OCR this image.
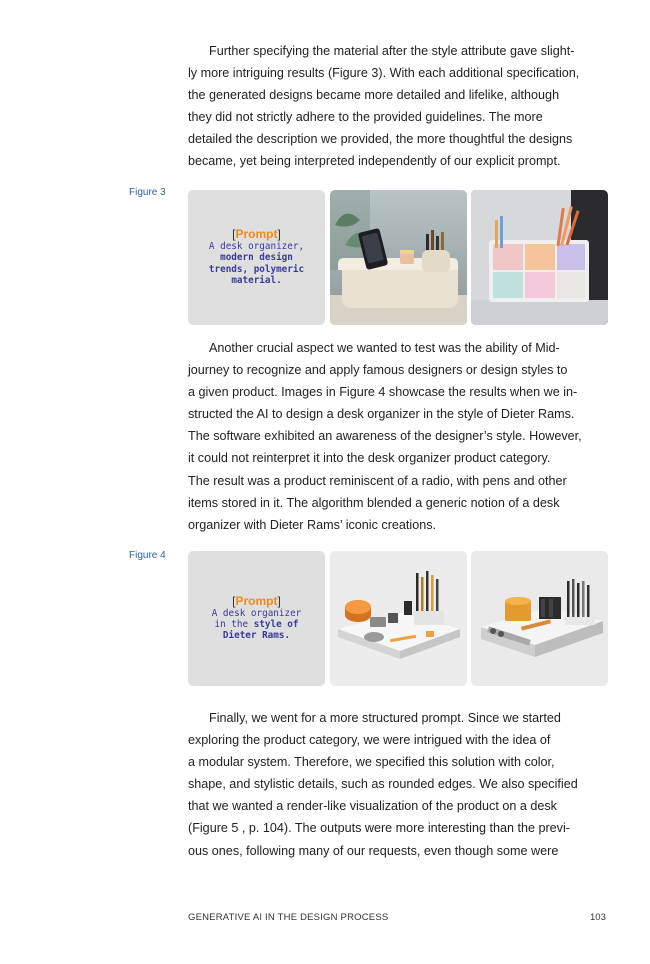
Further specifying the material after the style attribute gave slight-
ly more intriguing results (Figure 3). With each additional specification,
the generated designs became more detailed and lifelike, although
they did not strictly adhere to the provided guidelines. The more
detailed the description we provided, the more thoughtful the designs
became, yet being interpreted independently of our explicit prompt.
Figure 3
[Prompt]
A desk organizer,
modern design
trends, polymeric
material.
Another crucial aspect we wanted to test was the ability of Mid-
journey to recognize and apply famous designers or design styles to
a given product. Images in Figure 4 showcase the results when we in-
structed the AI to design a desk organizer in the style of Dieter Rams.
The software exhibited an awareness of the designer’s style. However,
it could not reinterpret it into the desk organizer product category.
The result was a product reminiscent of a radio, with pens and other
items stored in it. The algorithm blended a generic notion of a desk
organizer with Dieter Rams’ iconic creations.
Figure 4
[Prompt]
A desk organizer
in the style of
Dieter Rams.
Finally, we went for a more structured prompt. Since we started
exploring the product category, we were intrigued with the idea of
a modular system. Therefore, we specified this solution with color,
shape, and stylistic details, such as rounded edges. We also specified
that we wanted a render-like visualization of the product on a desk
(Figure 5 , p. 104). The outputs were more interesting than the previ-
ous ones, following many of our requests, even though some were
GENERATIVE AI IN THE DESIGN PROCESS	103
